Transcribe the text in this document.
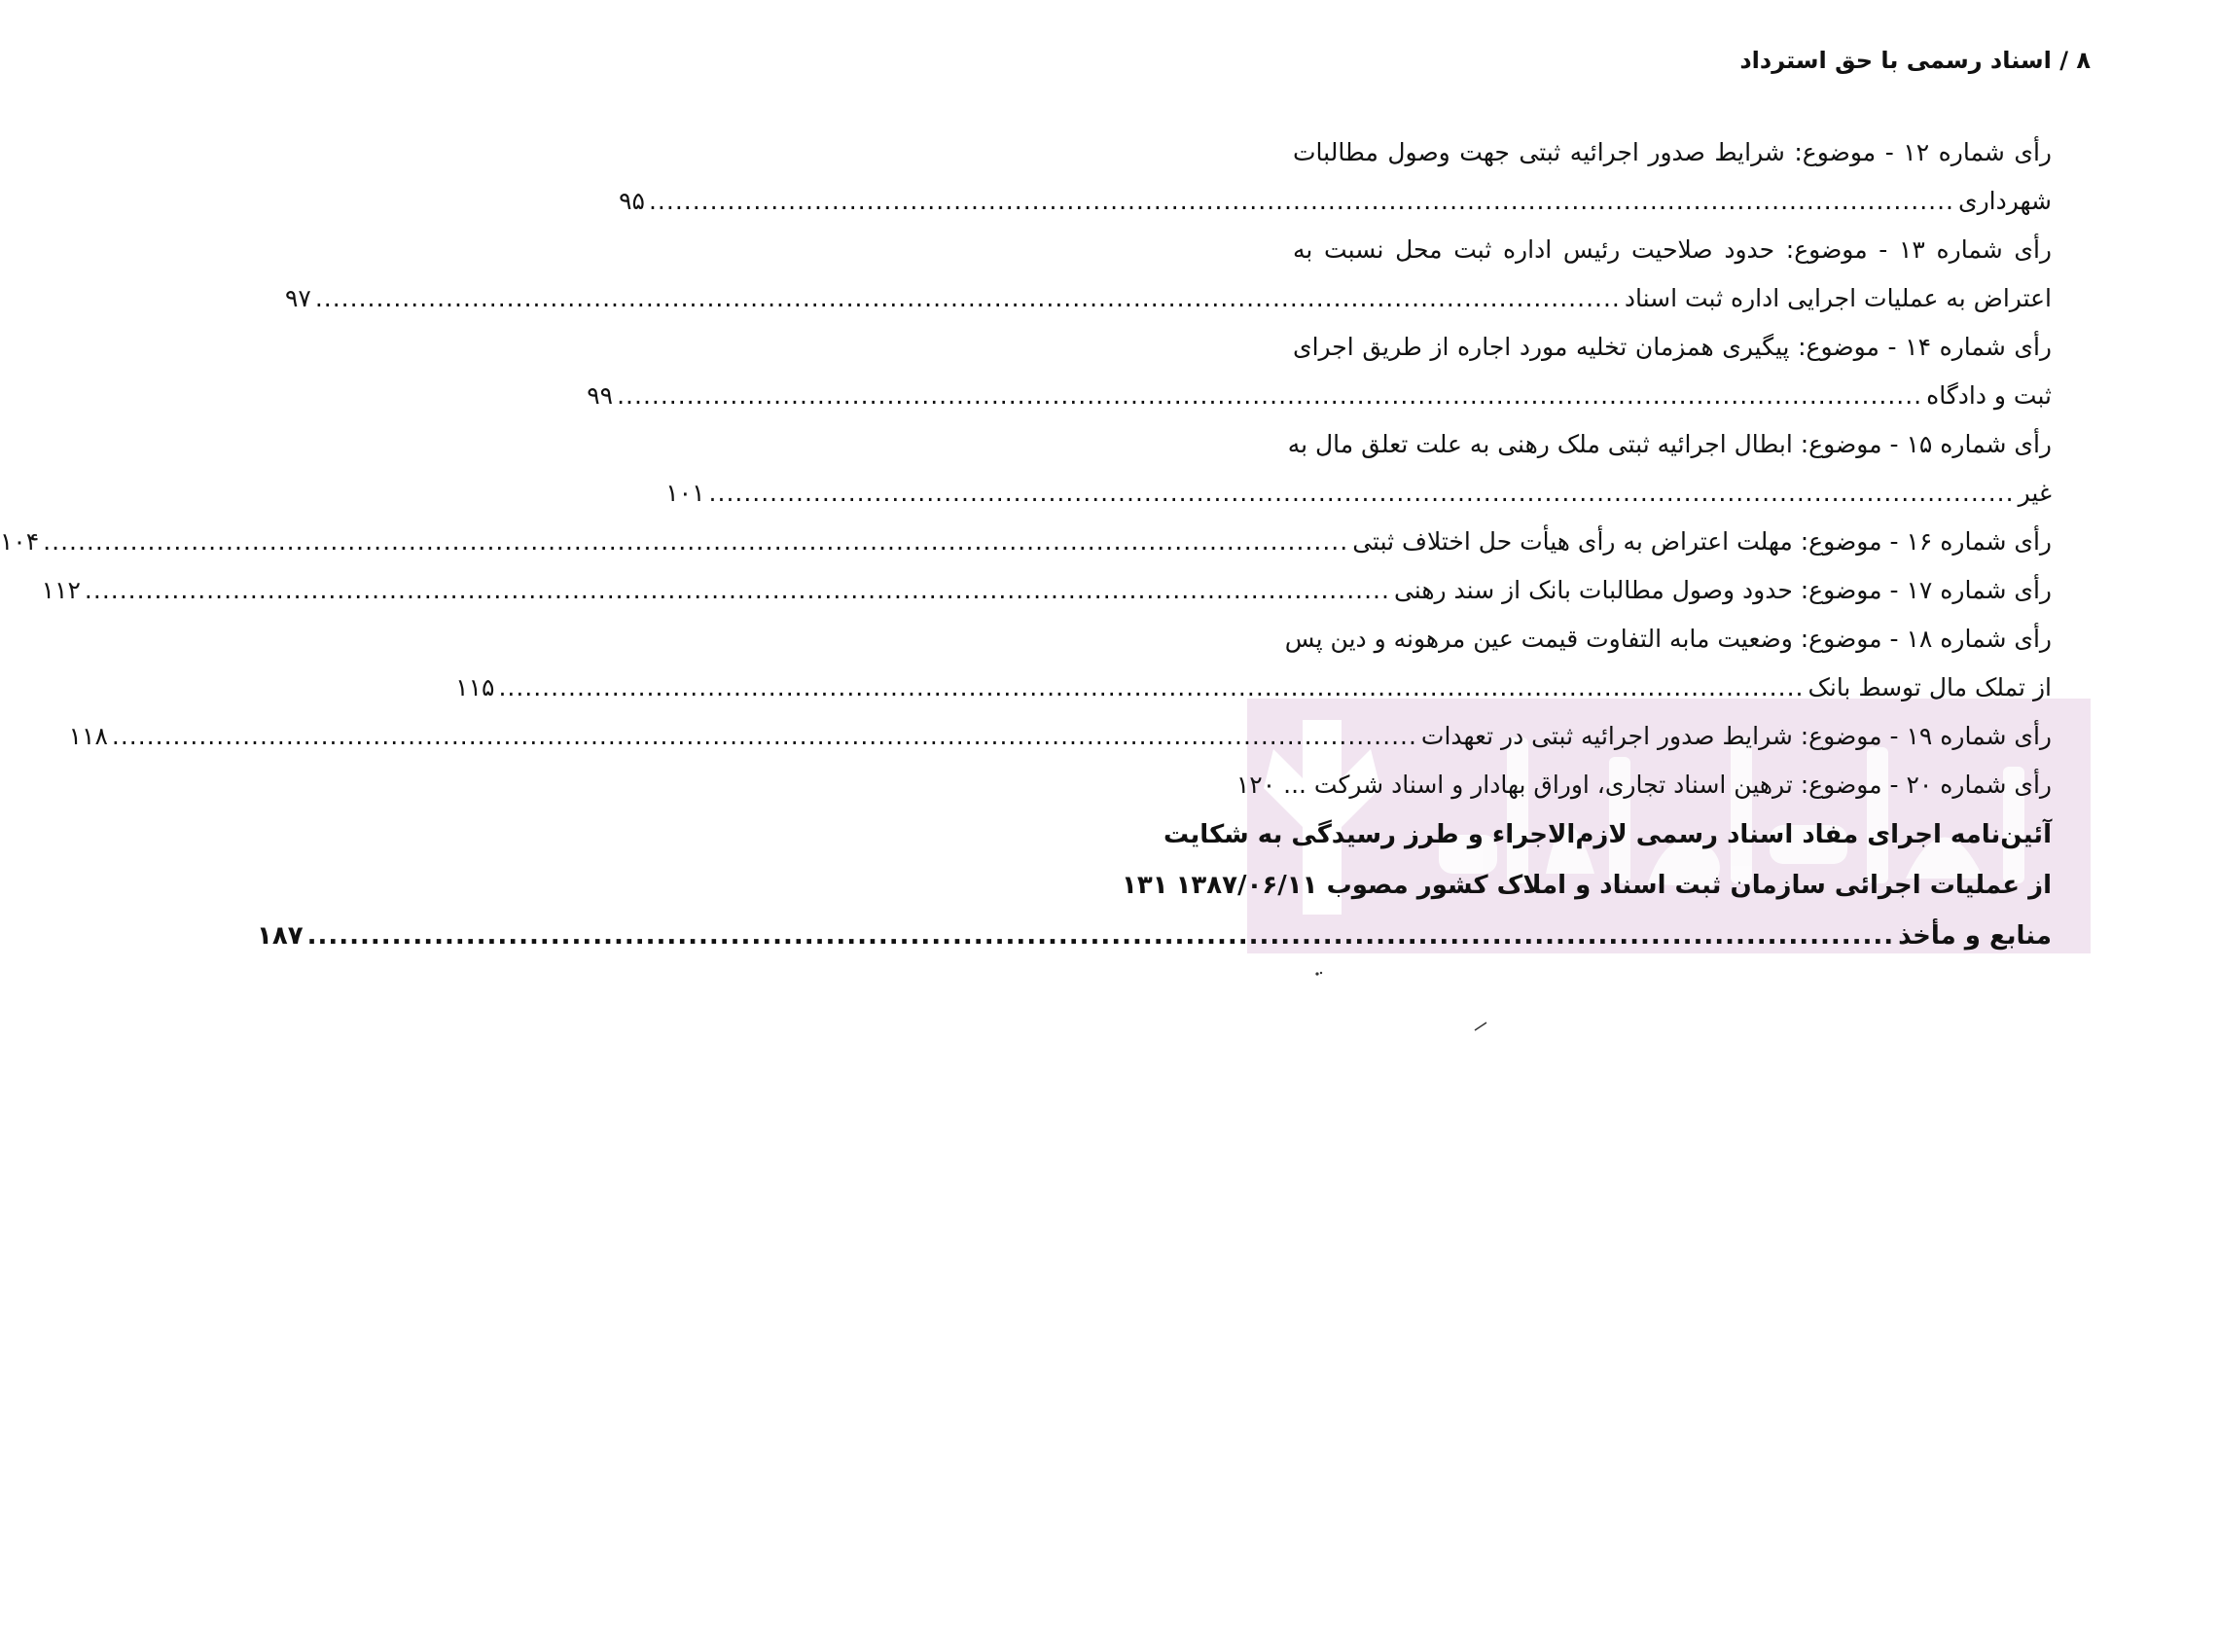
۸ / اسناد رسمی با حق استرداد
رأی شماره ۱۲ - موضوع: شرایط صدور اجرائیه ثبتی جهت وصول مطالبات
شهرداری
......................................................................................................................................................
۹۵
رأی شماره ۱۳ - موضوع: حدود صلاحیت رئیس اداره ثبت محل نسبت به
اعتراض به عملیات اجرایی اداره ثبت اسناد
......................................................................................................................................................
۹۷
رأی شماره ۱۴ - موضوع: پیگیری همزمان تخلیه مورد اجاره از طریق اجرای
ثبت و دادگاه
......................................................................................................................................................
۹۹
رأی شماره ۱۵ - موضوع: ابطال اجرائیه ثبتی ملک رهنی به علت تعلق مال به
غیر
......................................................................................................................................................
۱۰۱
رأی شماره ۱۶ - موضوع: مهلت اعتراض به رأی هیأت حل اختلاف ثبتی
......................................................................................................................................................
۱۰۴
رأی شماره ۱۷ - موضوع: حدود وصول مطالبات بانک از سند رهنی
......................................................................................................................................................
۱۱۲
رأی شماره ۱۸ - موضوع: وضعیت مابه التفاوت قیمت عین مرهونه و دین پس
از تملک مال توسط بانک
......................................................................................................................................................
۱۱۵
رأی شماره ۱۹ - موضوع: شرایط صدور اجرائیه ثبتی در تعهدات
......................................................................................................................................................
۱۱۸
رأی شماره ۲۰ - موضوع: ترهین اسناد تجاری، اوراق بهادار و اسناد شرکت ...
۱۲۰
آئین‌نامه اجرای مفاد اسناد رسمی لازم‌الاجراء و طرز رسیدگی به شکایت
از عملیات اجرائی سازمان ثبت اسناد و املاک کشور مصوب ۱۳۸۷/۰۶/۱۱
۱۳۱
منابع و مأخذ
......................................................................................................................................................
۱۸۷
